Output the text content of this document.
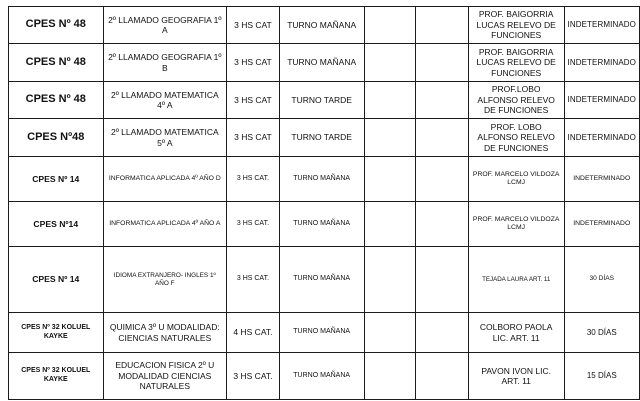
CPES Nº 48	2º LLAMADO GEOGRAFIA 1º A	3 HS CAT	TURNO MAÑANA			PROF. BAIGORRIA LUCAS RELEVO DE FUNCIONES	INDETERMINADO
CPES Nº 48	2º LLAMADO GEOGRAFIA 1º B	3 HS CAT	TURNO MAÑANA			PROF. BAIGORRIA LUCAS RELEVO DE FUNCIONES	INDETERMINADO
CPES Nº 48	2º LLAMADO MATEMATICA 4º A	3 HS CAT	TURNO TARDE			PROF.LOBO ALFONSO RELEVO DE FUNCIONES	INDETERMINADO
CPES Nº48	2º LLAMADO MATEMATICA 5º A	3 HS CAT	TURNO TARDE			PROF. LOBO ALFONSO RELEVO DE FUNCIONES	INDETERMINADO
CPES Nº 14	INFORMATICA APLICADA 4º AÑO D	3 HS CAT.	TURNO MAÑANA			PROF. MARCELO VILDOZA LCMJ	INDETERMINADO
CPES Nº14	INFORMATICA APLICADA 4º AÑO A	3 HS CAT.	TURNO MAÑANA			PROF. MARCELO VILDOZA LCMJ	INDETERMINADO
CPES Nº 14	IDIOMA EXTRANJERO- INGLES 1º AÑO F	3 HS CAT.	TURNO MAÑANA			TEJADA LAURA ART. 11	30 DÍAS
CPES Nº 32 KOLUEL KAYKE	QUIMICA 3º U MODALIDAD: CIENCIAS NATURALES	4 HS CAT.	TURNO MAÑANA			COLBORO PAOLA LIC. ART. 11	30 DÍAS
CPES Nº 32 KOLUEL KAYKE	EDUCACION FISICA 2º U MODALIDAD CIENCIAS NATURALES	3 HS CAT.	TURNO MAÑANA			PAVON IVON LIC. ART. 11	15 DÍAS
